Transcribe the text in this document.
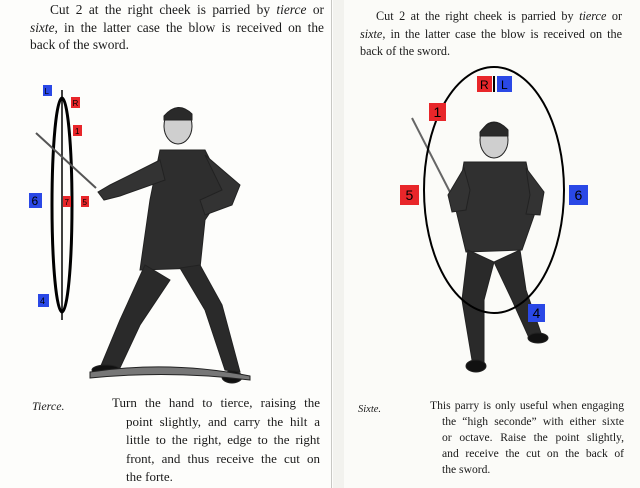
Cut 2 at the right cheek is parried by tierce or
sixte, in the latter case the blow is received on the
back of the sword.
L
R
1
6	7 5
4
Tierce.	Turn the hand to tierce, raising the
point slightly, and carry the hilt a
little to the right, edge to the right
front, and thus receive the cut on
the forte.
Cut 2 at the right cheek is parried by tierce or
sixte, in the latter case the blow is received on the
back of the sword.
R L
1
5	6
4
Sixte.	This parry is only useful when engaging
the “high seconde” with either sixte
or octave. Raise the point slightly,
and receive the cut on the back of
the sword.
